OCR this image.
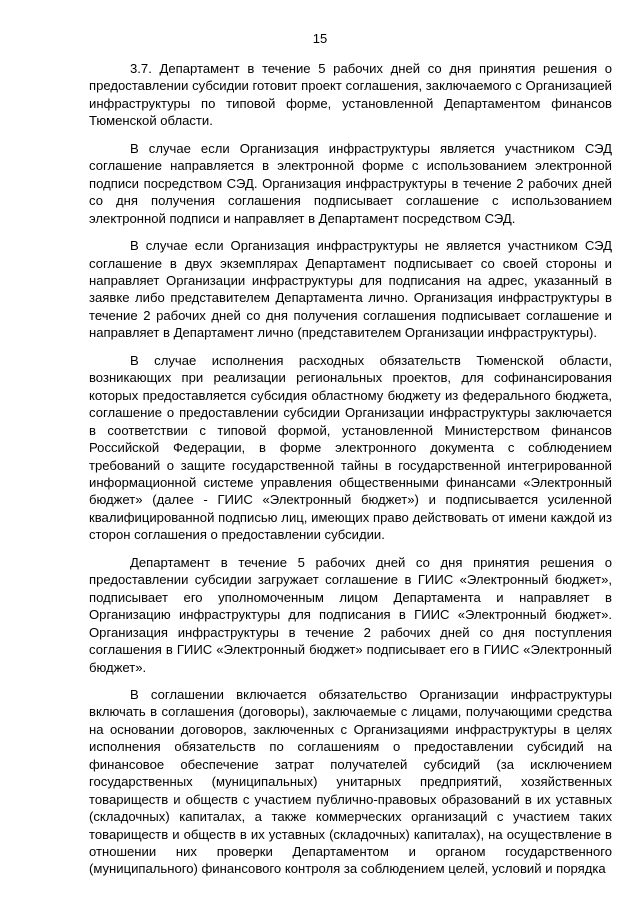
15

3.7. Департамент в течение 5 рабочих дней со дня принятия решения о предоставлении субсидии готовит проект соглашения, заключаемого с Организацией инфраструктуры по типовой форме, установленной Департаментом финансов Тюменской области.

В случае если Организация инфраструктуры является участником СЭД соглашение направляется в электронной форме с использованием электронной подписи посредством СЭД. Организация инфраструктуры в течение 2 рабочих дней со дня получения соглашения подписывает соглашение с использованием электронной подписи и направляет в Департамент посредством СЭД.

В случае если Организация инфраструктуры не является участником СЭД соглашение в двух экземплярах Департамент подписывает со своей стороны и направляет Организации инфраструктуры для подписания на адрес, указанный в заявке либо представителем Департамента лично. Организация инфраструктуры в течение 2 рабочих дней со дня получения соглашения подписывает соглашение и направляет в Департамент лично (представителем Организации инфраструктуры).

В случае исполнения расходных обязательств Тюменской области, возникающих при реализации региональных проектов, для софинансирования которых предоставляется субсидия областному бюджету из федерального бюджета, соглашение о предоставлении субсидии Организации инфраструктуры заключается в соответствии с типовой формой, установленной Министерством финансов Российской Федерации, в форме электронного документа с соблюдением требований о защите государственной тайны в государственной интегрированной информационной системе управления общественными финансами «Электронный бюджет» (далее - ГИИС «Электронный бюджет») и подписывается усиленной квалифицированной подписью лиц, имеющих право действовать от имени каждой из сторон соглашения о предоставлении субсидии.

Департамент в течение 5 рабочих дней со дня принятия решения о предоставлении субсидии загружает соглашение в ГИИС «Электронный бюджет», подписывает его уполномоченным лицом Департамента и направляет в Организацию инфраструктуры для подписания в ГИИС «Электронный бюджет». Организация инфраструктуры в течение 2 рабочих дней со дня поступления соглашения в ГИИС «Электронный бюджет» подписывает его в ГИИС «Электронный бюджет».

В соглашении включается обязательство Организации инфраструктуры включать в соглашения (договоры), заключаемые с лицами, получающими средства на основании договоров, заключенных с Организациями инфраструктуры в целях исполнения обязательств по соглашениям о предоставлении субсидий на финансовое обеспечение затрат получателей субсидий (за исключением государственных (муниципальных) унитарных предприятий, хозяйственных товариществ и обществ с участием публично-правовых образований в их уставных (складочных) капиталах, а также коммерческих организаций с участием таких товариществ и обществ в их уставных (складочных) капиталах), на осуществление в отношении них проверки Департаментом и органом государственного (муниципального) финансового контроля за соблюдением целей, условий и порядка
